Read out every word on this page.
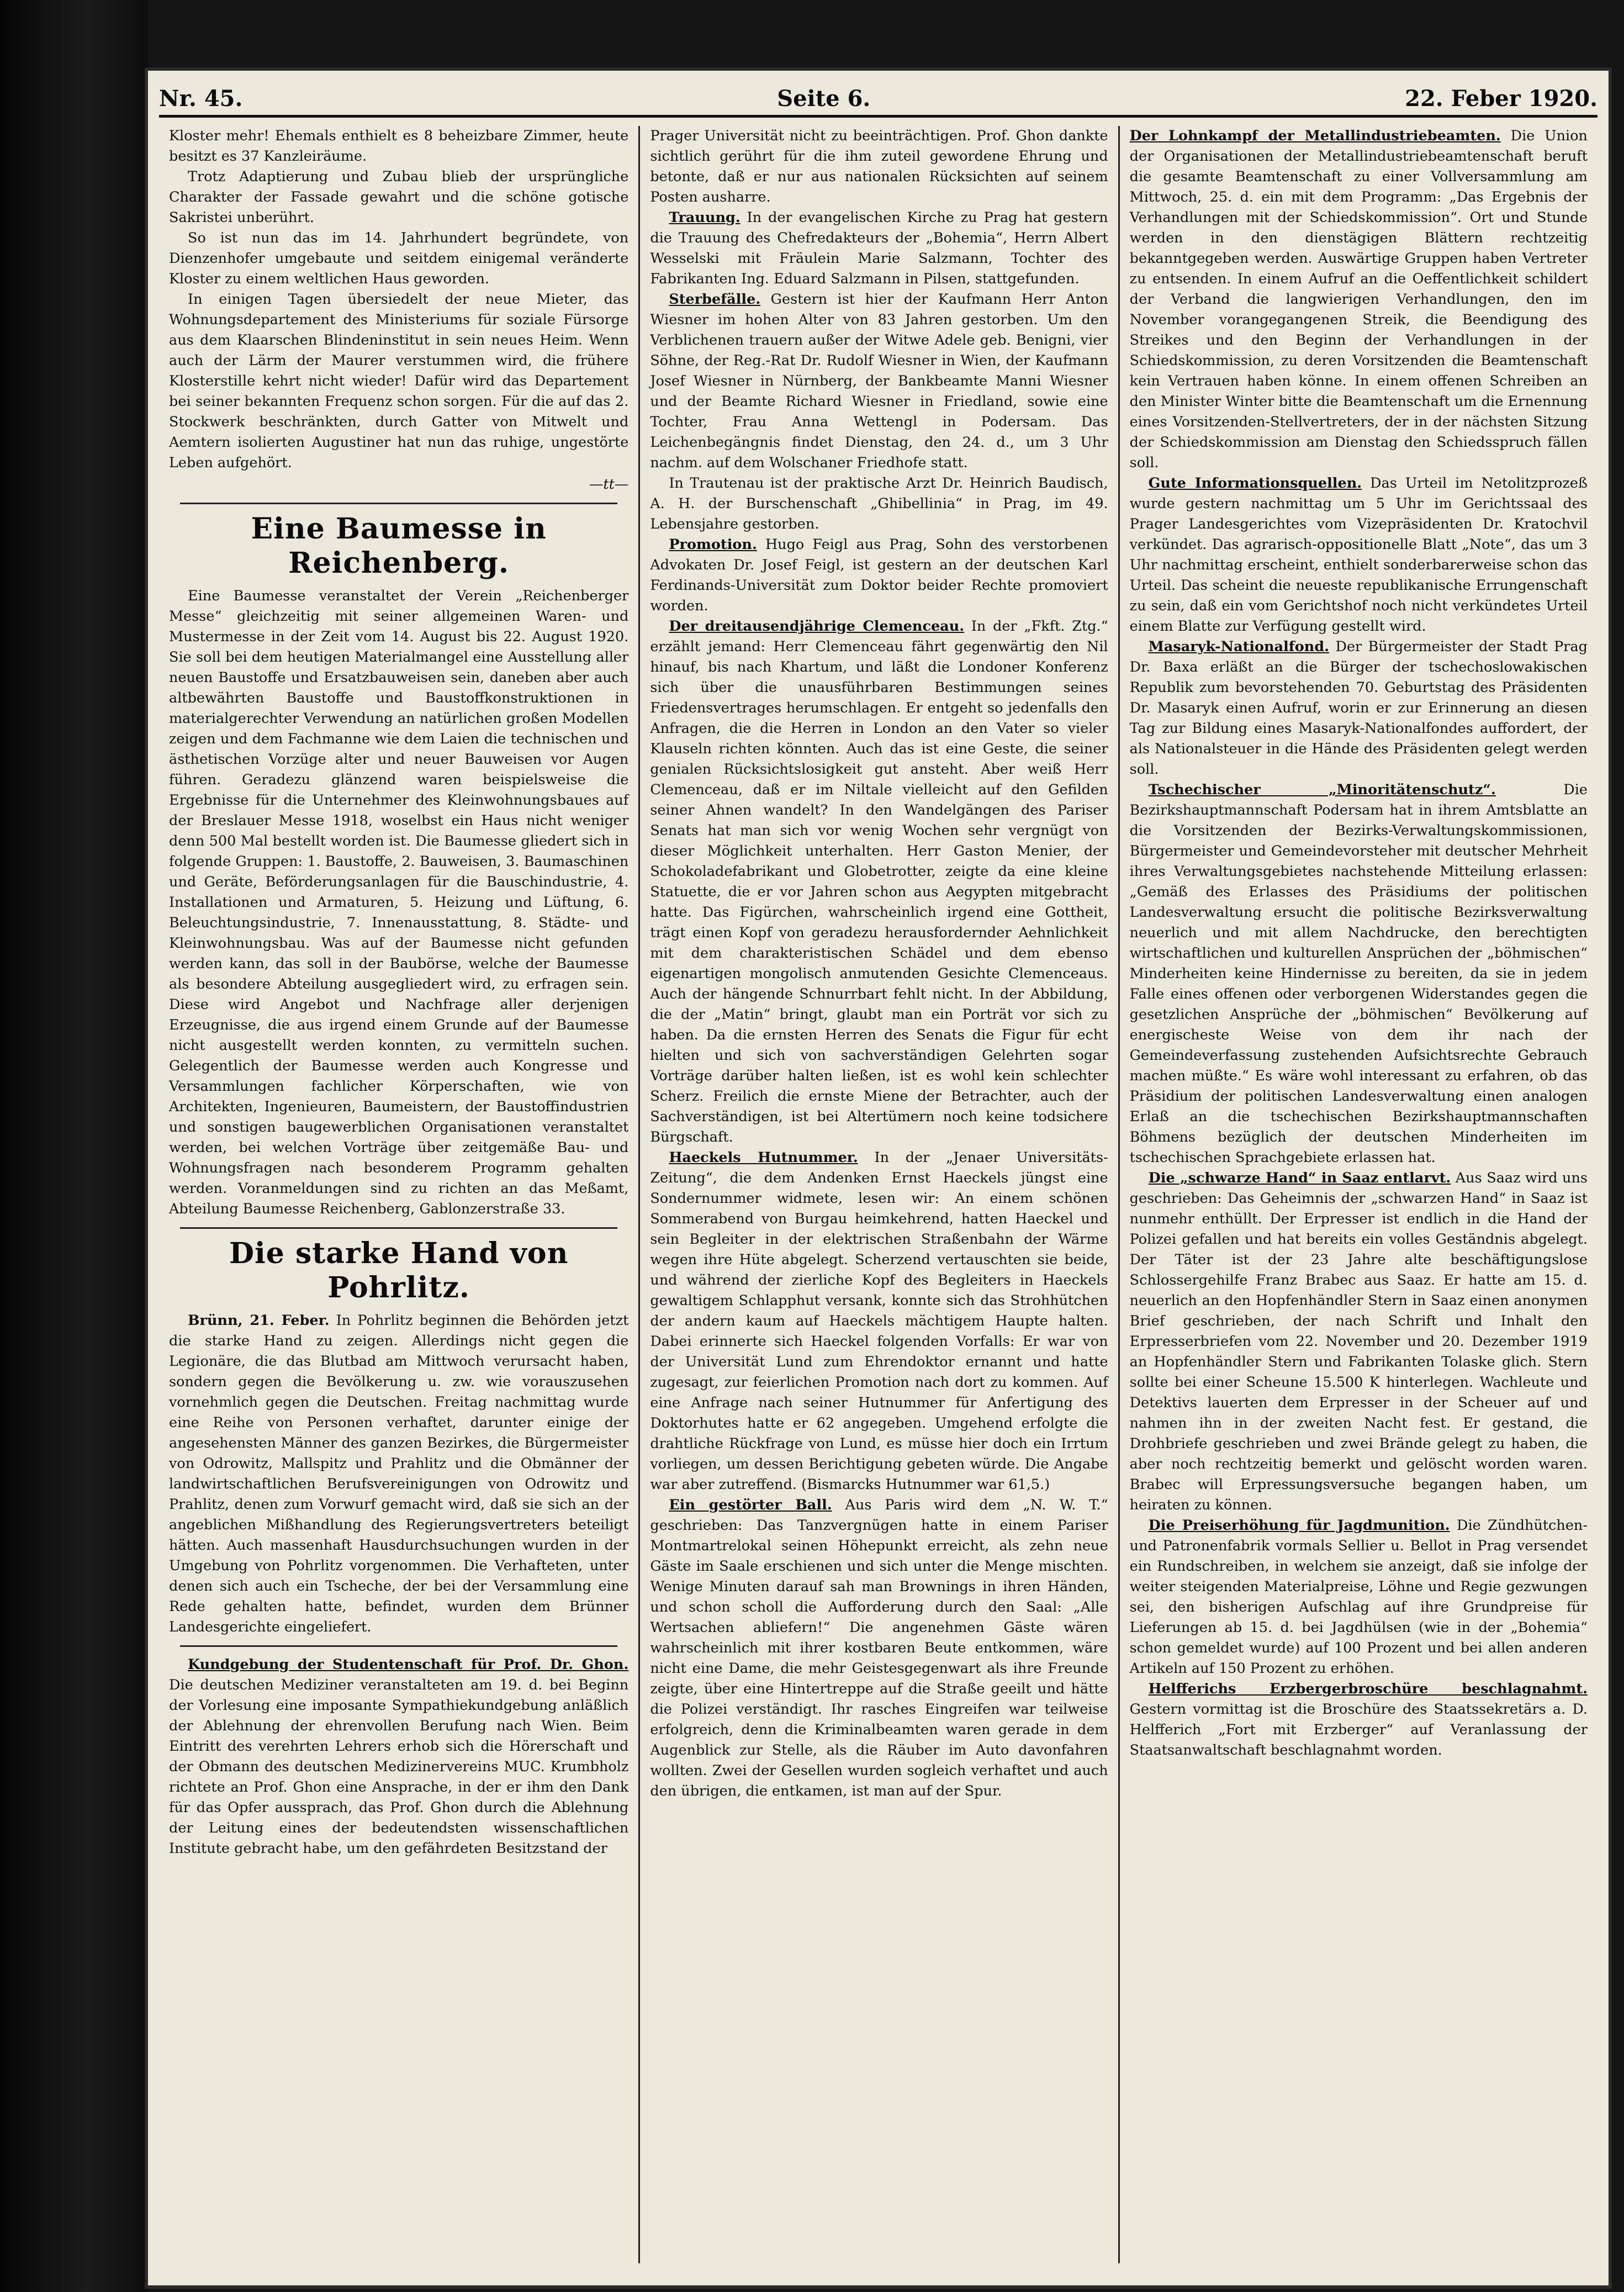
Nr. 45.	Seite 6.	22. Feber 1920.

Kloster mehr! Ehemals enthielt es 8 beheizbare Zimmer, heute besitzt es 37 Kanzleiräume.

Trotz Adaptierung und Zubau blieb der ursprüngliche Charakter der Fassade gewahrt und die schöne gotische Sakristei unberührt.

So ist nun das im 14. Jahrhundert begründete, von Dienzenhofer umgebaute und seitdem einigemal veränderte Kloster zu einem weltlichen Haus geworden.

In einigen Tagen übersiedelt der neue Mieter, das Wohnungsdepartement des Ministeriums für soziale Fürsorge aus dem Klaarschen Blindeninstitut in sein neues Heim. Wenn auch der Lärm der Maurer verstummen wird, die frühere Klosterstille kehrt nicht wieder! Dafür wird das Departement bei seiner bekannten Frequenz schon sorgen. Für die auf das 2. Stockwerk beschränkten, durch Gatter von Mitwelt und Aemtern isolierten Augustiner hat nun das ruhige, ungestörte Leben aufgehört.

—tt—
Eine Baumesse in Reichenberg.

Eine Baumesse veranstaltet der Verein „Reichenberger Messe“ gleichzeitig mit seiner allgemeinen Waren- und Mustermesse in der Zeit vom 14. August bis 22. August 1920. Sie soll bei dem heutigen Materialmangel eine Ausstellung aller neuen Baustoffe und Ersatzbauweisen sein, daneben aber auch altbewährten Baustoffe und Baustoffkonstruktionen in materialgerechter Verwendung an natürlichen großen Modellen zeigen und dem Fachmanne wie dem Laien die technischen und ästhetischen Vorzüge alter und neuer Bauweisen vor Augen führen. Geradezu glänzend waren beispielsweise die Ergebnisse für die Unternehmer des Kleinwohnungsbaues auf der Breslauer Messe 1918, woselbst ein Haus nicht weniger denn 500 Mal bestellt worden ist. Die Baumesse gliedert sich in folgende Gruppen: 1. Baustoffe, 2. Bauweisen, 3. Baumaschinen und Geräte, Beförderungsanlagen für die Bauschindustrie, 4. Installationen und Armaturen, 5. Heizung und Lüftung, 6. Beleuchtungsindustrie, 7. Innenausstattung, 8. Städte- und Kleinwohnungsbau. Was auf der Baumesse nicht gefunden werden kann, das soll in der Baubörse, welche der Baumesse als besondere Abteilung ausgegliedert wird, zu erfragen sein. Diese wird Angebot und Nachfrage aller derjenigen Erzeugnisse, die aus irgend einem Grunde auf der Baumesse nicht ausgestellt werden konnten, zu vermitteln suchen. Gelegentlich der Baumesse werden auch Kongresse und Versammlungen fachlicher Körperschaften, wie von Architekten, Ingenieuren, Baumeistern, der Baustoffindustrien und sonstigen baugewerblichen Organisationen veranstaltet werden, bei welchen Vorträge über zeitgemäße Bau- und Wohnungsfragen nach besonderem Programm gehalten werden. Voranmeldungen sind zu richten an das Meßamt, Abteilung Baumesse Reichenberg, Gablonzerstraße 33.

Die starke Hand von Pohrlitz.

Brünn, 21. Feber. In Pohrlitz beginnen die Behörden jetzt die starke Hand zu zeigen. Allerdings nicht gegen die Legionäre, die das Blutbad am Mittwoch verursacht haben, sondern gegen die Bevölkerung u. zw. wie vorauszusehen vornehmlich gegen die Deutschen. Freitag nachmittag wurde eine Reihe von Personen verhaftet, darunter einige der angesehensten Männer des ganzen Bezirkes, die Bürgermeister von Odrowitz, Mallspitz und Prahlitz und die Obmänner der landwirtschaftlichen Berufsvereinigungen von Odrowitz und Prahlitz, denen zum Vorwurf gemacht wird, daß sie sich an der angeblichen Mißhandlung des Regierungsvertreters beteiligt hätten. Auch massenhaft Hausdurchsuchungen wurden in der Umgebung von Pohrlitz vorgenommen. Die Verhafteten, unter denen sich auch ein Tscheche, der bei der Versammlung eine Rede gehalten hatte, befindet, wurden dem Brünner Landesgerichte eingeliefert.

Kundgebung der Studentenschaft für Prof. Dr. Ghon. Die deutschen Mediziner veranstalteten am 19. d. bei Beginn der Vorlesung eine imposante Sympathiekundgebung anläßlich der Ablehnung der ehrenvollen Berufung nach Wien. Beim Eintritt des verehrten Lehrers erhob sich die Hörerschaft und der Obmann des deutschen Medizinervereins MUC. Krumbholz richtete an Prof. Ghon eine Ansprache, in der er ihm den Dank für das Opfer aussprach, das Prof. Ghon durch die Ablehnung der Leitung eines der bedeutendsten wissenschaftlichen Institute gebracht habe, um den gefährdeten Besitzstand der

Prager Universität nicht zu beeinträchtigen. Prof. Ghon dankte sichtlich gerührt für die ihm zuteil gewordene Ehrung und betonte, daß er nur aus nationalen Rücksichten auf seinem Posten ausharre.

Trauung. In der evangelischen Kirche zu Prag hat gestern die Trauung des Chefredakteurs der „Bohemia“, Herrn Albert Wesselski mit Fräulein Marie Salzmann, Tochter des Fabrikanten Ing. Eduard Salzmann in Pilsen, stattgefunden.

Sterbefälle. Gestern ist hier der Kaufmann Herr Anton Wiesner im hohen Alter von 83 Jahren gestorben. Um den Verblichenen trauern außer der Witwe Adele geb. Benigni, vier Söhne, der Reg.-Rat Dr. Rudolf Wiesner in Wien, der Kaufmann Josef Wiesner in Nürnberg, der Bankbeamte Manni Wiesner und der Beamte Richard Wiesner in Friedland, sowie eine Tochter, Frau Anna Wettengl in Podersam. Das Leichenbegängnis findet Dienstag, den 24. d., um 3 Uhr nachm. auf dem Wolschaner Friedhofe statt.

In Trautenau ist der praktische Arzt Dr. Heinrich Baudisch, A. H. der Burschenschaft „Ghibellinia“ in Prag, im 49. Lebensjahre gestorben.

Promotion. Hugo Feigl aus Prag, Sohn des verstorbenen Advokaten Dr. Josef Feigl, ist gestern an der deutschen Karl Ferdinands-Universität zum Doktor beider Rechte promoviert worden.

Der dreitausendjährige Clemenceau. In der „Fkft. Ztg.“ erzählt jemand: Herr Clemenceau fährt gegenwärtig den Nil hinauf, bis nach Khartum, und läßt die Londoner Konferenz sich über die unausführbaren Bestimmungen seines Friedensvertrages herumschlagen. Er entgeht so jedenfalls den Anfragen, die die Herren in London an den Vater so vieler Klauseln richten könnten. Auch das ist eine Geste, die seiner genialen Rücksichtslosigkeit gut ansteht. Aber weiß Herr Clemenceau, daß er im Niltale vielleicht auf den Gefilden seiner Ahnen wandelt? In den Wandelgängen des Pariser Senats hat man sich vor wenig Wochen sehr vergnügt von dieser Möglichkeit unterhalten. Herr Gaston Menier, der Schokoladefabrikant und Globetrotter, zeigte da eine kleine Statuette, die er vor Jahren schon aus Aegypten mitgebracht hatte. Das Figürchen, wahrscheinlich irgend eine Gottheit, trägt einen Kopf von geradezu herausfordernder Aehnlichkeit mit dem charakteristischen Schädel und dem ebenso eigenartigen mongolisch anmutenden Gesichte Clemenceaus. Auch der hängende Schnurrbart fehlt nicht. In der Abbildung, die der „Matin“ bringt, glaubt man ein Porträt vor sich zu haben. Da die ernsten Herren des Senats die Figur für echt hielten und sich von sachverständigen Gelehrten sogar Vorträge darüber halten ließen, ist es wohl kein schlechter Scherz. Freilich die ernste Miene der Betrachter, auch der Sachverständigen, ist bei Altertümern noch keine todsichere Bürgschaft.

Haeckels Hutnummer. In der „Jenaer Universitäts-Zeitung“, die dem Andenken Ernst Haeckels jüngst eine Sondernummer widmete, lesen wir: An einem schönen Sommerabend von Burgau heimkehrend, hatten Haeckel und sein Begleiter in der elektrischen Straßenbahn der Wärme wegen ihre Hüte abgelegt. Scherzend vertauschten sie beide, und während der zierliche Kopf des Begleiters in Haeckels gewaltigem Schlapphut versank, konnte sich das Strohhütchen der andern kaum auf Haeckels mächtigem Haupte halten. Dabei erinnerte sich Haeckel folgenden Vorfalls: Er war von der Universität Lund zum Ehrendoktor ernannt und hatte zugesagt, zur feierlichen Promotion nach dort zu kommen. Auf eine Anfrage nach seiner Hutnummer für Anfertigung des Doktorhutes hatte er 62 angegeben. Umgehend erfolgte die drahtliche Rückfrage von Lund, es müsse hier doch ein Irrtum vorliegen, um dessen Berichtigung gebeten würde. Die Angabe war aber zutreffend. (Bismarcks Hutnummer war 61,5.)

Ein gestörter Ball. Aus Paris wird dem „N. W. T.“ geschrieben: Das Tanzvergnügen hatte in einem Pariser Montmartrelokal seinen Höhepunkt erreicht, als zehn neue Gäste im Saale erschienen und sich unter die Menge mischten. Wenige Minuten darauf sah man Brownings in ihren Händen, und schon scholl die Aufforderung durch den Saal: „Alle Wertsachen abliefern!“ Die angenehmen Gäste wären wahrscheinlich mit ihrer kostbaren Beute entkommen, wäre nicht eine Dame, die mehr Geistesgegenwart als ihre Freunde zeigte, über eine Hintertreppe auf die Straße geeilt und hätte die Polizei verständigt. Ihr rasches Eingreifen war teilweise erfolgreich, denn die Kriminalbeamten waren gerade in dem Augenblick zur Stelle, als die Räuber im Auto davonfahren wollten. Zwei der Gesellen wurden sogleich verhaftet und auch den übrigen, die entkamen, ist man auf der Spur.

Der Lohnkampf der Metallindustriebeamten. Die Union der Organisationen der Metallindustriebeamtenschaft beruft die gesamte Beamtenschaft zu einer Vollversammlung am Mittwoch, 25. d. ein mit dem Programm: „Das Ergebnis der Verhandlungen mit der Schiedskommission“. Ort und Stunde werden in den dienstägigen Blättern rechtzeitig bekanntgegeben werden. Auswärtige Gruppen haben Vertreter zu entsenden. In einem Aufruf an die Oeffentlichkeit schildert der Verband die langwierigen Verhandlungen, den im November vorangegangenen Streik, die Beendigung des Streikes und den Beginn der Verhandlungen in der Schiedskommission, zu deren Vorsitzenden die Beamtenschaft kein Vertrauen haben könne. In einem offenen Schreiben an den Minister Winter bitte die Beamtenschaft um die Ernennung eines Vorsitzenden-Stellvertreters, der in der nächsten Sitzung der Schiedskommission am Dienstag den Schiedsspruch fällen soll.

Gute Informationsquellen. Das Urteil im Netolitzprozeß wurde gestern nachmittag um 5 Uhr im Gerichtssaal des Prager Landesgerichtes vom Vizepräsidenten Dr. Kratochvil verkündet. Das agrarisch-oppositionelle Blatt „Note“, das um 3 Uhr nachmittag erscheint, enthielt sonderbarerweise schon das Urteil. Das scheint die neueste republikanische Errungenschaft zu sein, daß ein vom Gerichtshof noch nicht verkündetes Urteil einem Blatte zur Verfügung gestellt wird.

Masaryk-Nationalfond. Der Bürgermeister der Stadt Prag Dr. Baxa erläßt an die Bürger der tschechoslowakischen Republik zum bevorstehenden 70. Geburtstag des Präsidenten Dr. Masaryk einen Aufruf, worin er zur Erinnerung an diesen Tag zur Bildung eines Masaryk-Nationalfondes auffordert, der als Nationalsteuer in die Hände des Präsidenten gelegt werden soll.

Tschechischer „Minoritätenschutz“.	Die Bezirkshauptmannschaft Podersam hat in ihrem Amtsblatte an die Vorsitzenden der Bezirks-Verwaltungskommissionen, Bürgermeister und Gemeindevorsteher mit deutscher Mehrheit ihres Verwaltungsgebietes nachstehende Mitteilung erlassen: „Gemäß des Erlasses des Präsidiums der politischen Landesverwaltung ersucht die politische Bezirksverwaltung neuerlich und mit allem Nachdrucke, den berechtigten wirtschaftlichen und kulturellen Ansprüchen der „böhmischen“ Minderheiten keine Hindernisse zu bereiten, da sie in jedem Falle eines offenen oder verborgenen Widerstandes gegen die gesetzlichen Ansprüche der „böhmischen“ Bevölkerung auf energischeste Weise von dem ihr nach der Gemeindeverfassung zustehenden Aufsichtsrechte Gebrauch machen müßte.“ Es wäre wohl interessant zu erfahren, ob das Präsidium der politischen Landesverwaltung einen analogen Erlaß an die tschechischen Bezirkshauptmannschaften Böhmens bezüglich der deutschen Minderheiten im tschechischen Sprachgebiete erlassen hat.

Die „schwarze Hand“ in Saaz entlarvt. Aus Saaz wird uns geschrieben: Das Geheimnis der „schwarzen Hand“ in Saaz ist nunmehr enthüllt. Der Erpresser ist endlich in die Hand der Polizei gefallen und hat bereits ein volles Geständnis abgelegt. Der Täter ist der 23 Jahre alte beschäftigungslose Schlossergehilfe Franz Brabec aus Saaz. Er hatte am 15. d. neuerlich an den Hopfenhändler Stern in Saaz einen anonymen Brief geschrieben, der nach Schrift und Inhalt den Erpresserbriefen vom 22. November und 20. Dezember 1919 an Hopfenhändler Stern und Fabrikanten Tolaske glich. Stern sollte bei einer Scheune 15.500 K hinterlegen. Wachleute und Detektivs lauerten dem Erpresser in der Scheuer auf und nahmen ihn in der zweiten Nacht fest. Er gestand, die Drohbriefe geschrieben und zwei Brände gelegt zu haben, die aber noch rechtzeitig bemerkt und gelöscht worden waren. Brabec will Erpressungsversuche begangen haben, um heiraten zu können.

Die Preiserhöhung für Jagdmunition. Die Zündhütchen- und Patronenfabrik vormals Sellier u. Bellot in Prag versendet ein Rundschreiben, in welchem sie anzeigt, daß sie infolge der weiter steigenden Materialpreise, Löhne und Regie gezwungen sei, den bisherigen Aufschlag auf ihre Grundpreise für Lieferungen ab 15. d. bei Jagdhülsen (wie in der „Bohemia“ schon gemeldet wurde) auf 100 Prozent und bei allen anderen Artikeln auf 150 Prozent zu erhöhen.

Helfferichs Erzbergerbroschüre beschlagnahmt. Gestern vormittag ist die Broschüre des Staatssekretärs a. D. Helfferich „Fort mit Erzberger“ auf Veranlassung der Staatsanwaltschaft beschlagnahmt worden.
